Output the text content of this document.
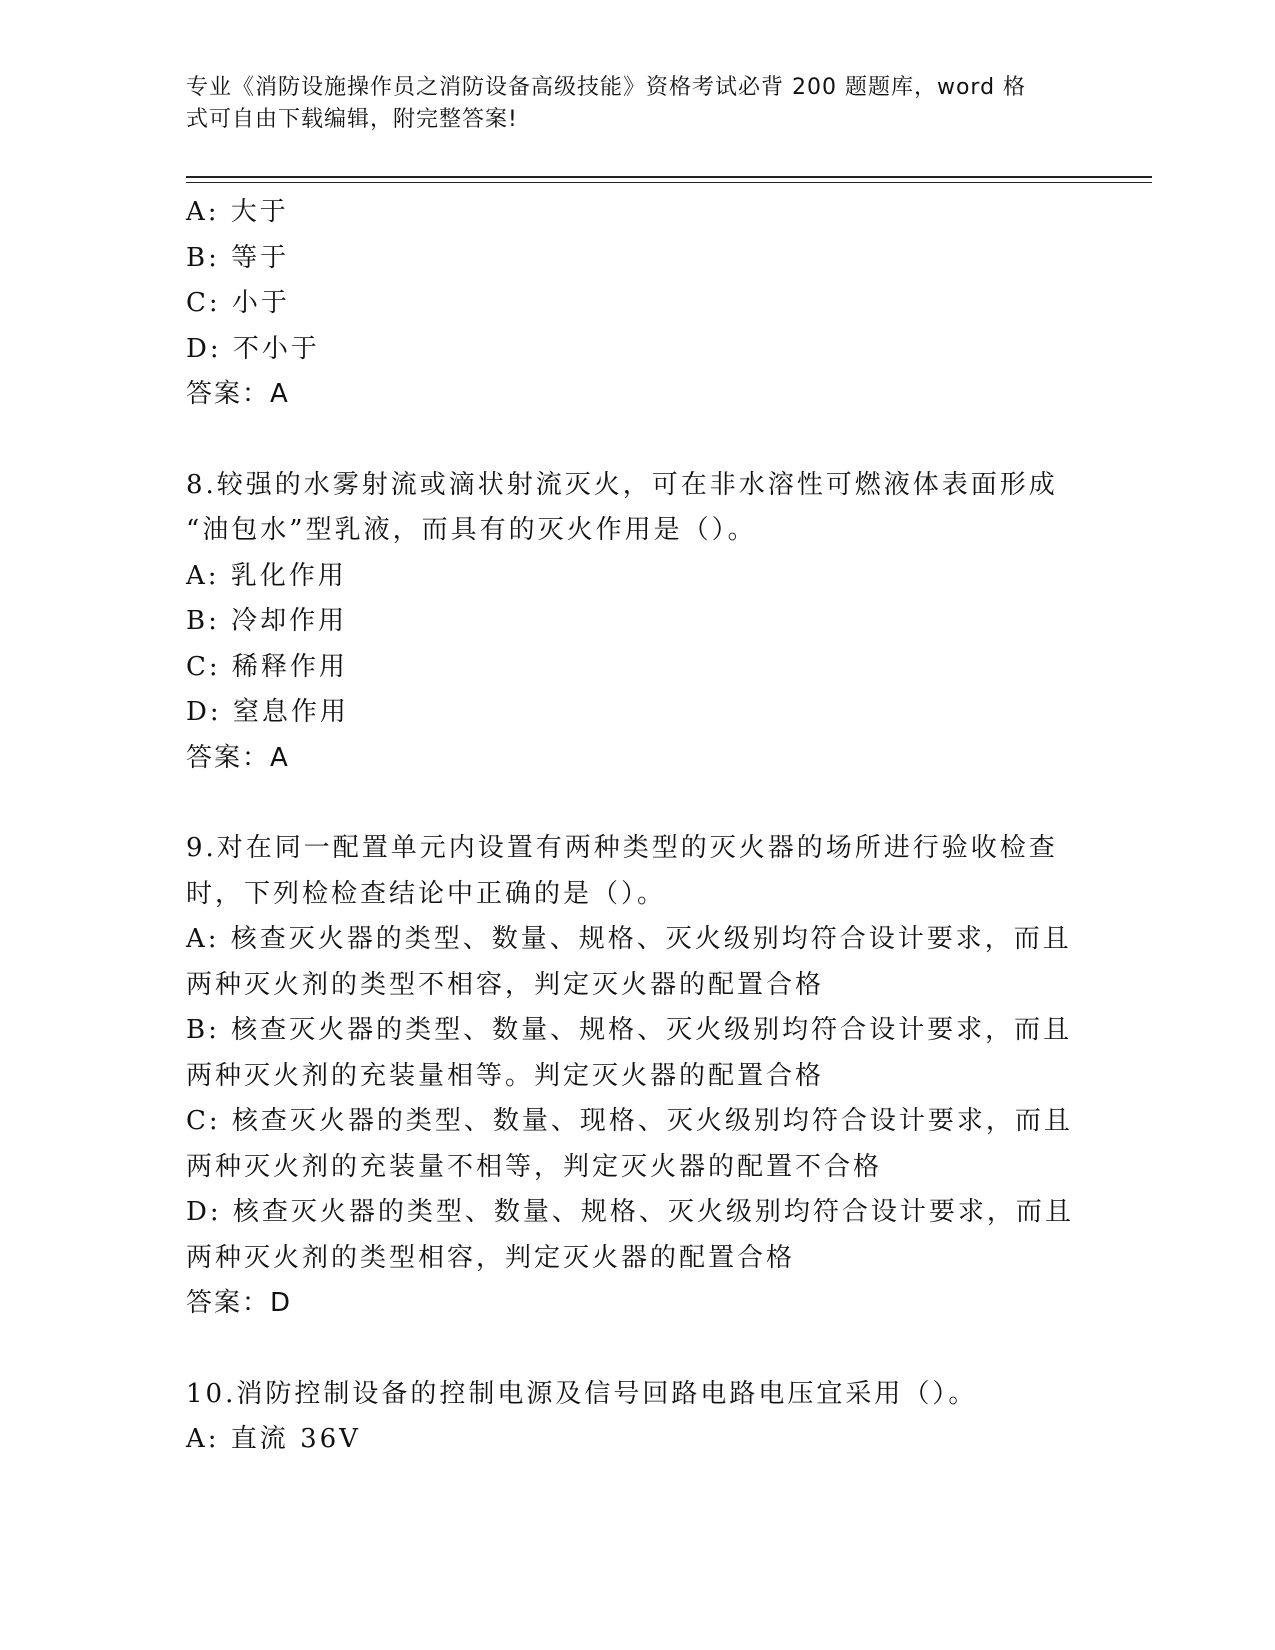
专业《消防设施操作员之消防设备高级技能》资格考试必背 200 题题库，word 格
式可自由下载编辑，附完整答案!
A: 大于
B: 等于
C: 小于
D: 不小于
答案：A
8.较强的水雾射流或滴状射流灭火，可在非水溶性可燃液体表面形成
“油包水”型乳液，而具有的灭火作用是（）。
A: 乳化作用
B: 冷却作用
C: 稀释作用
D: 窒息作用
答案：A
9.对在同一配置单元内设置有两种类型的灭火器的场所进行验收检查
时，下列检检查结论中正确的是（）。
A: 核查灭火器的类型、数量、规格、灭火级别均符合设计要求，而且
两种灭火剂的类型不相容，判定灭火器的配置合格
B: 核查灭火器的类型、数量、规格、灭火级别均符合设计要求，而且
两种灭火剂的充装量相等。判定灭火器的配置合格
C: 核查灭火器的类型、数量、现格、灭火级别均符合设计要求，而且
两种灭火剂的充装量不相等，判定灭火器的配置不合格
D: 核查灭火器的类型、数量、规格、灭火级别均符合设计要求，而且
两种灭火剂的类型相容，判定灭火器的配置合格
答案：D
10.消防控制设备的控制电源及信号回路电路电压宜采用（）。
A: 直流 36V
